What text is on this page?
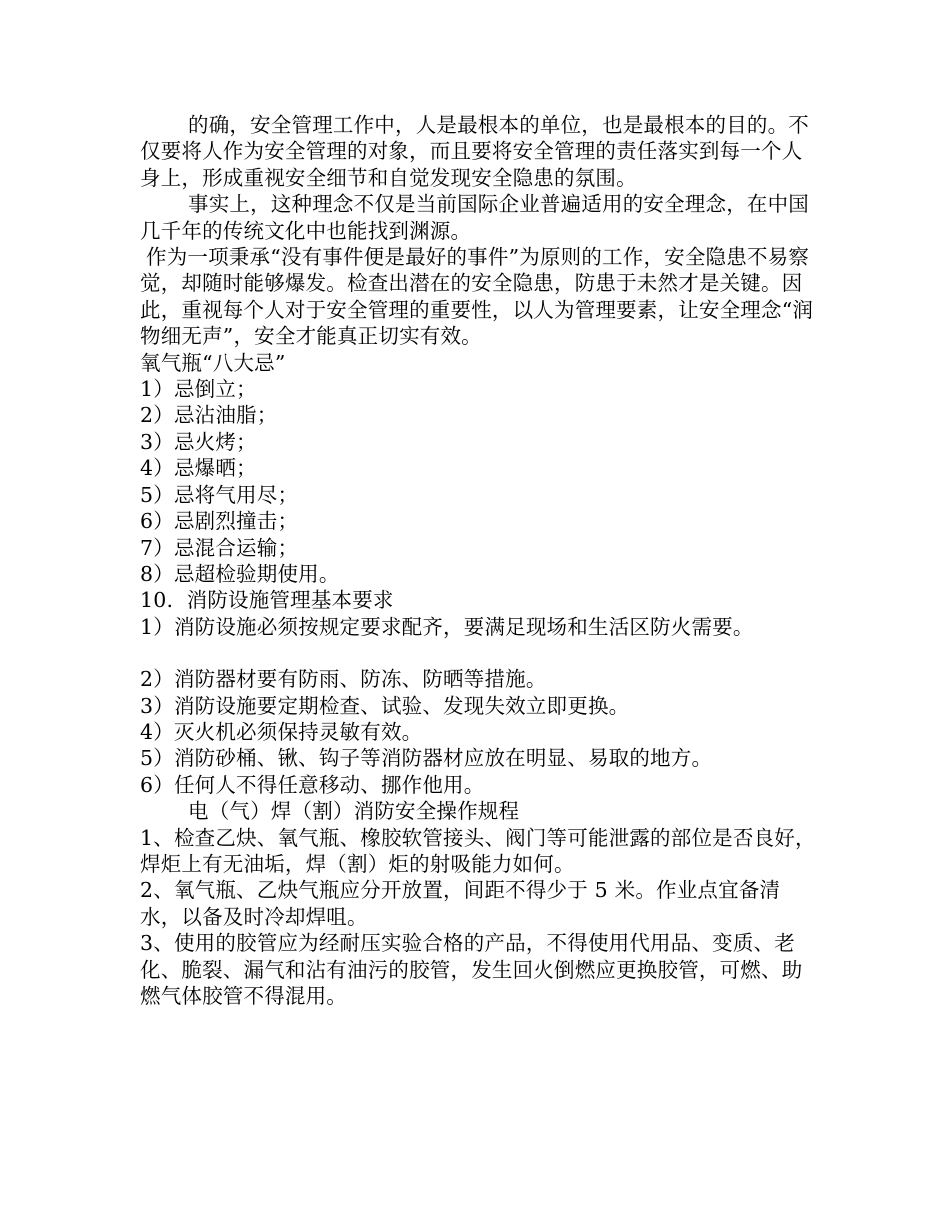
的确，安全管理工作中，人是最根本的单位，也是最根本的目的。不仅要将人作为安全管理的对象，而且要将安全管理的责任落实到每一个人身上，形成重视安全细节和自觉发现安全隐患的氛围。

事实上，这种理念不仅是当前国际企业普遍适用的安全理念，在中国几千年的传统文化中也能找到渊源。

作为一项秉承“没有事件便是最好的事件”为原则的工作，安全隐患不易察觉，却随时能够爆发。检查出潜在的安全隐患，防患于未然才是关键。因此，重视每个人对于安全管理的重要性，以人为管理要素，让安全理念“润物细无声”，安全才能真正切实有效。

氧气瓶“八大忌”

1）忌倒立；

2）忌沾油脂；

3）忌火烤；

4）忌爆晒；

5）忌将气用尽；

6）忌剧烈撞击；

7）忌混合运输；

8）忌超检验期使用。

10.  消防设施管理基本要求

1）消防设施必须按规定要求配齐，要满足现场和生活区防火需要。

2）消防器材要有防雨、防冻、防晒等措施。

3）消防设施要定期检查、试验、发现失效立即更换。

4）灭火机必须保持灵敏有效。

5）消防砂桶、锹、钩子等消防器材应放在明显、易取的地方。

6）任何人不得任意移动、挪作他用。

电（气）焊（割）消防安全操作规程

1、检查乙炔、氧气瓶、橡胶软管接头、阀门等可能泄露的部位是否良好，焊炬上有无油垢，焊（割）炬的射吸能力如何。

2、氧气瓶、乙炔气瓶应分开放置，间距不得少于 5 米。作业点宜备清水，以备及时冷却焊咀。

3、使用的胶管应为经耐压实验合格的产品，不得使用代用品、变质、老化、脆裂、漏气和沾有油污的胶管，发生回火倒燃应更换胶管，可燃、助燃气体胶管不得混用。
